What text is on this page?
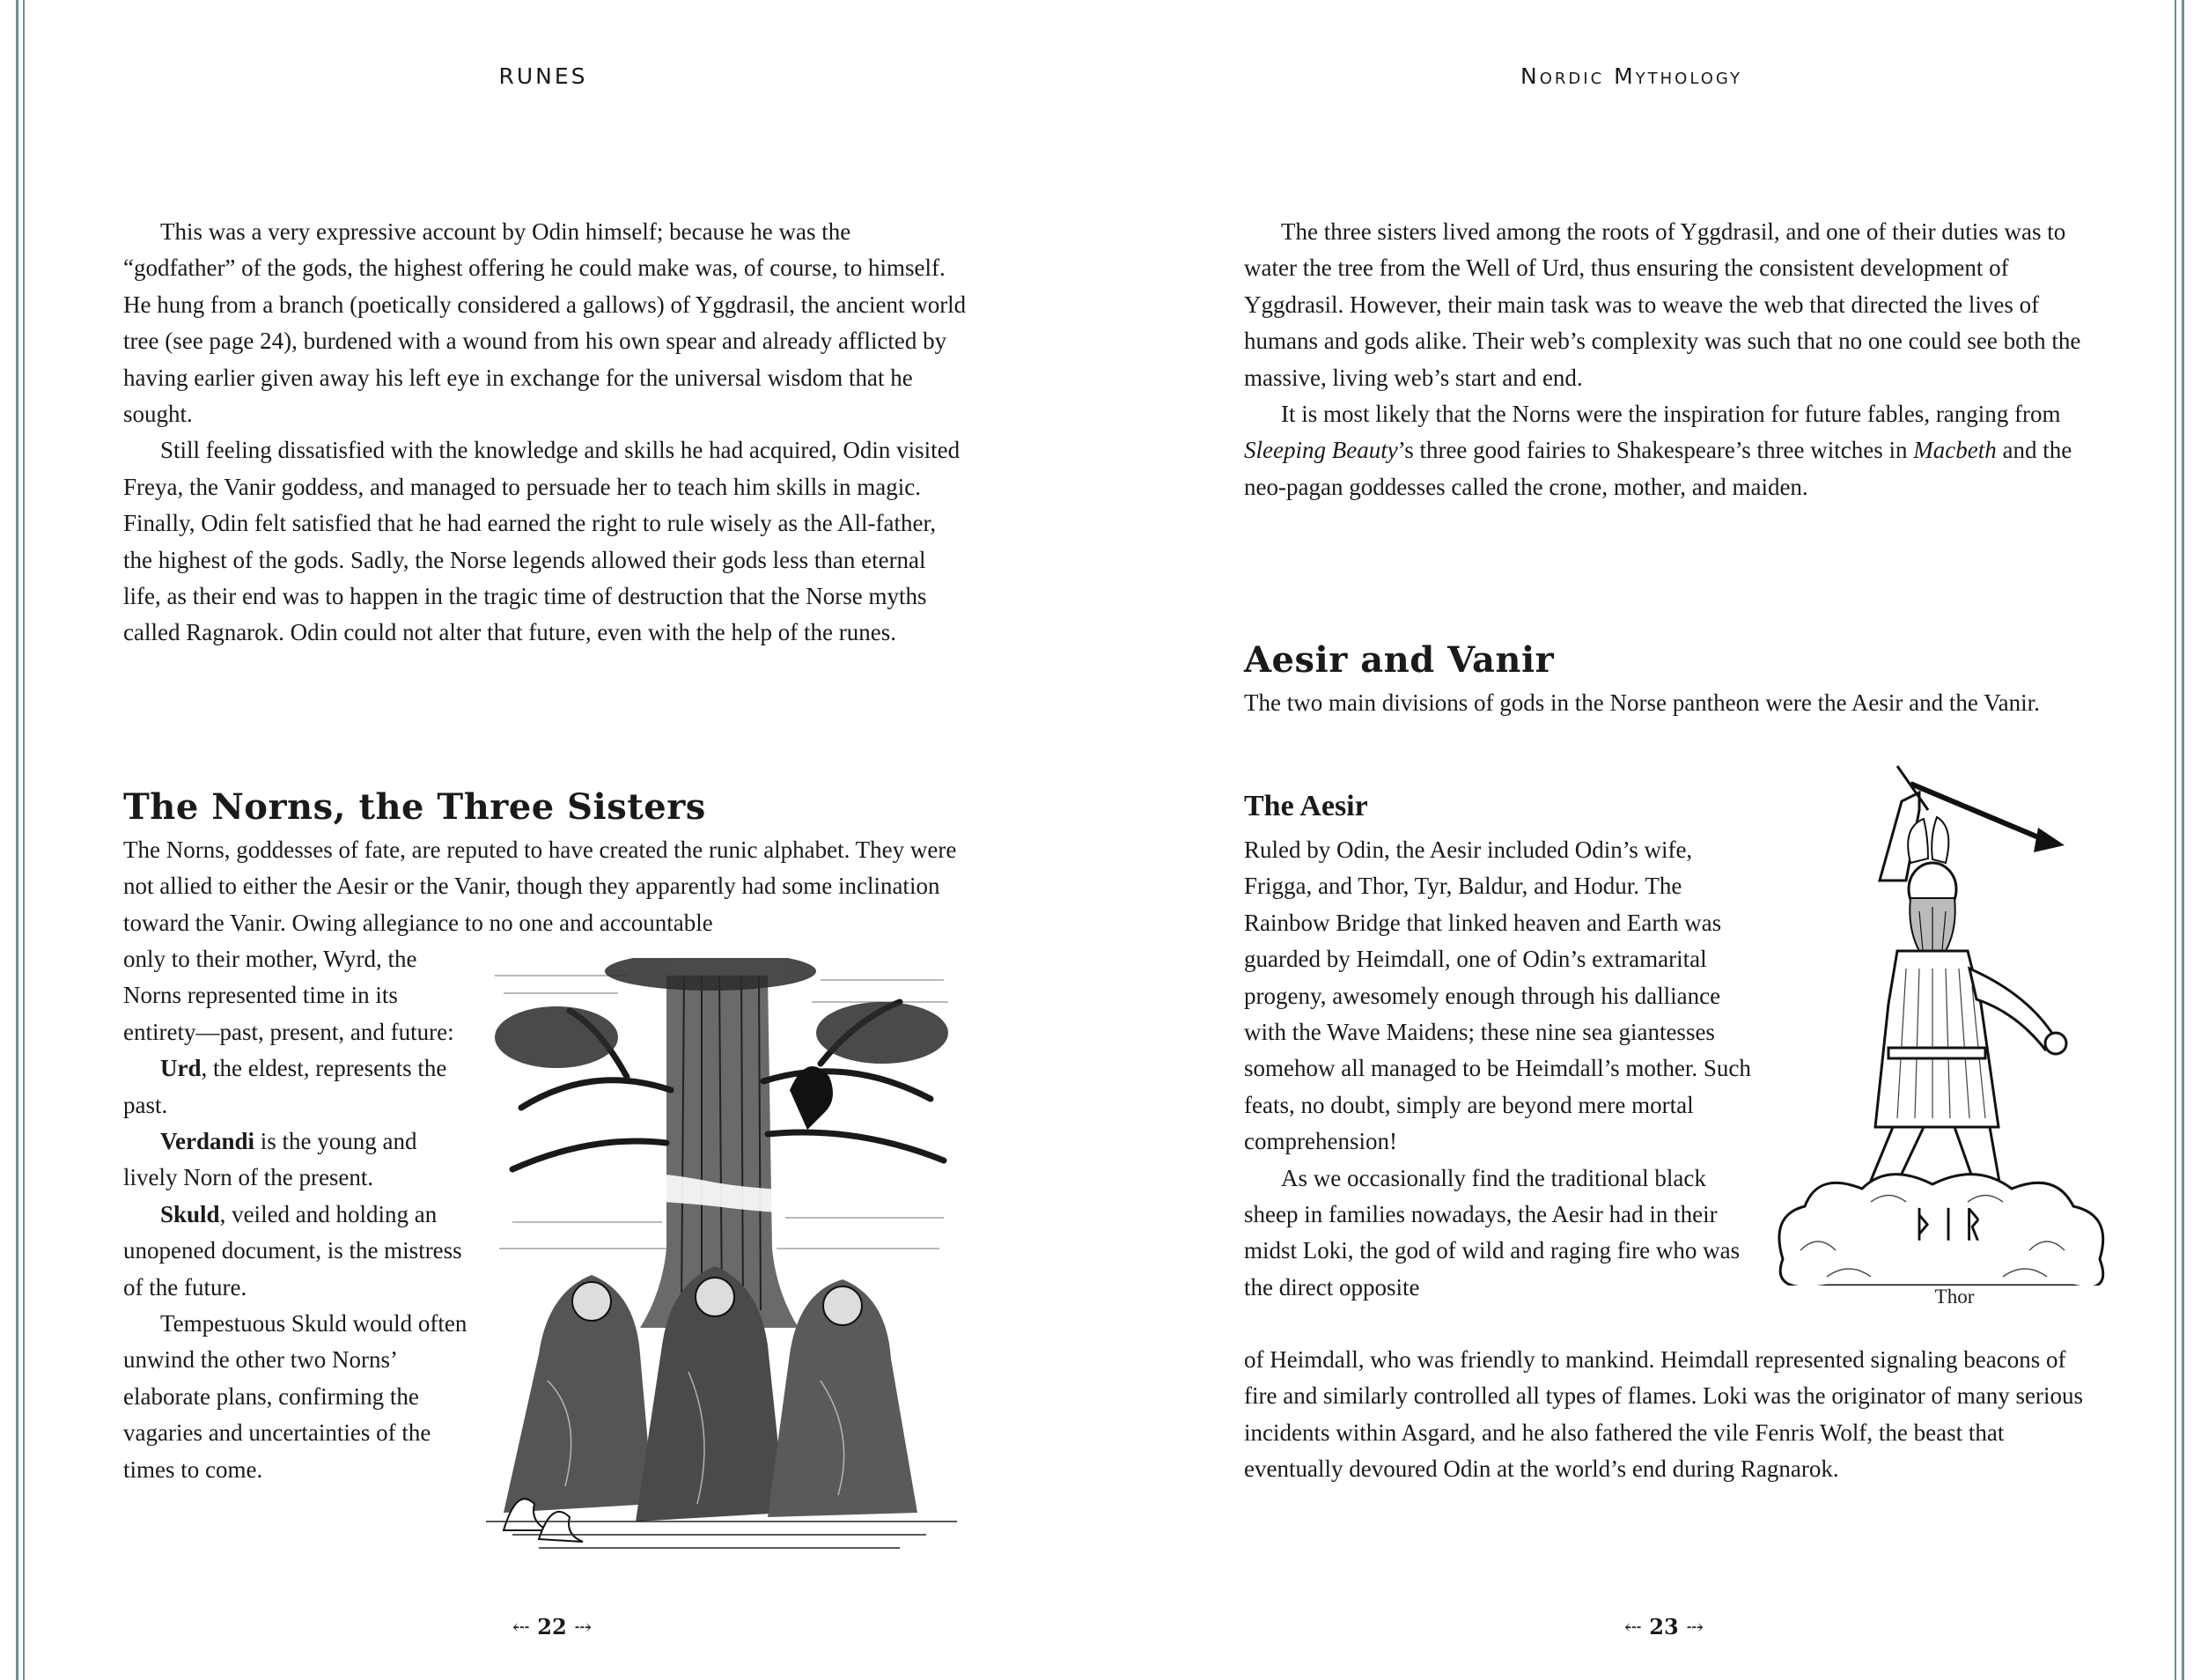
RUNES

This was a very expressive account by Odin himself; because he was the “godfather” of the gods, the highest offering he could make was, of course, to himself. He hung from a branch (poetically considered a gallows) of Yggdrasil, the ancient world tree (see page 24), burdened with a wound from his own spear and already afflicted by having earlier given away his left eye in exchange for the universal wisdom that he sought.

Still feeling dissatisfied with the knowledge and skills he had acquired, Odin visited Freya, the Vanir goddess, and managed to persuade her to teach him skills in magic. Finally, Odin felt satisfied that he had earned the right to rule wisely as the All-father, the highest of the gods. Sadly, the Norse legends allowed their gods less than eternal life, as their end was to happen in the tragic time of destruction that the Norse myths called Ragnarok. Odin could not alter that future, even with the help of the runes.

The Norns, the Three Sisters

The Norns, goddesses of fate, are reputed to have created the runic alphabet. They were not allied to either the Aesir or the Vanir, though they apparently had some inclination toward the Vanir. Owing allegiance to no one and accountable

only to their mother, Wyrd, the Norns represented time in its entirety—past, present, and future:

Urd, the eldest, represents the past.

Verdandi is the young and lively Norn of the present.

Skuld, veiled and holding an unopened document, is the mistress of the future.

Tempestuous Skuld would often unwind the other two Norns’ elaborate plans, confirming the vagaries and uncertainties of the times to come.

⤎ 22 ⤏
Nordic Mythology

The three sisters lived among the roots of Yggdrasil, and one of their duties was to water the tree from the Well of Urd, thus ensuring the consistent development of Yggdrasil. However, their main task was to weave the web that directed the lives of humans and gods alike. Their web’s complexity was such that no one could see both the massive, living web’s start and end.

It is most likely that the Norns were the inspiration for future fables, ranging from Sleeping Beauty’s three good fairies to Shakespeare’s three witches in Macbeth and the neo-pagan goddesses called the crone, mother, and maiden.

Aesir and Vanir

The two main divisions of gods in the Norse pantheon were the Aesir and the Vanir.

The Aesir

Ruled by Odin, the Aesir included Odin’s wife, Frigga, and Thor, Tyr, Baldur, and Hodur. The Rainbow Bridge that linked heaven and Earth was guarded by Heimdall, one of Odin’s extramarital progeny, awesomely enough through his dalliance with the Wave Maidens; these nine sea giantesses somehow all managed to be Heimdall’s mother. Such feats, no doubt, simply are beyond mere mortal comprehension!

As we occasionally find the traditional black sheep in families nowadays, the Aesir had in their midst Loki, the god of wild and raging fire who was the direct opposite

of Heimdall, who was friendly to mankind. Heimdall represented signaling beacons of fire and similarly controlled all types of flames. Loki was the originator of many serious incidents within Asgard, and he also fathered the vile Fenris Wolf, the beast that eventually devoured Odin at the world’s end during Ragnarok.

ᚦᛁᚱ
Thor
⤎ 23 ⤏
